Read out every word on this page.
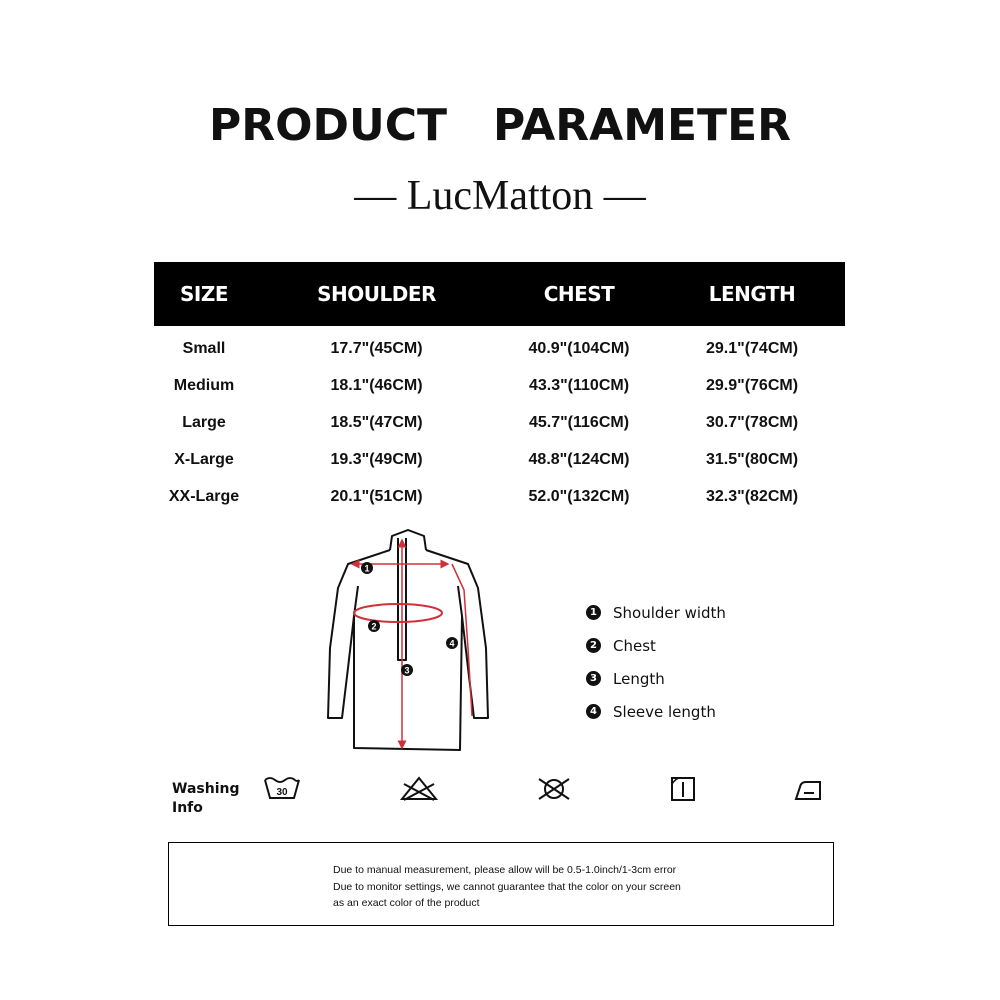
PRODUCT   PARAMETER
— LucMatton —
SIZE	SHOULDER	CHEST	LENGTH
Small	17.7"(45CM)	40.9"(104CM)	29.1"(74CM)
Medium	18.1"(46CM)	43.3"(110CM)	29.9"(76CM)
Large	18.5"(47CM)	45.7"(116CM)	30.7"(78CM)
X-Large	19.3"(49CM)	48.8"(124CM)	31.5"(80CM)
XX-Large	20.1"(51CM)	52.0"(132CM)	32.3"(82CM)
1
2
3
4
1 Shoulder width
2 Chest
3 Length
4 Sleeve length
Washing
Info
30
Due to manual measurement, please allow will be 0.5-1.0inch/1-3cm error
Due to monitor settings, we cannot guarantee that the color on your screen
as an exact color of the product
